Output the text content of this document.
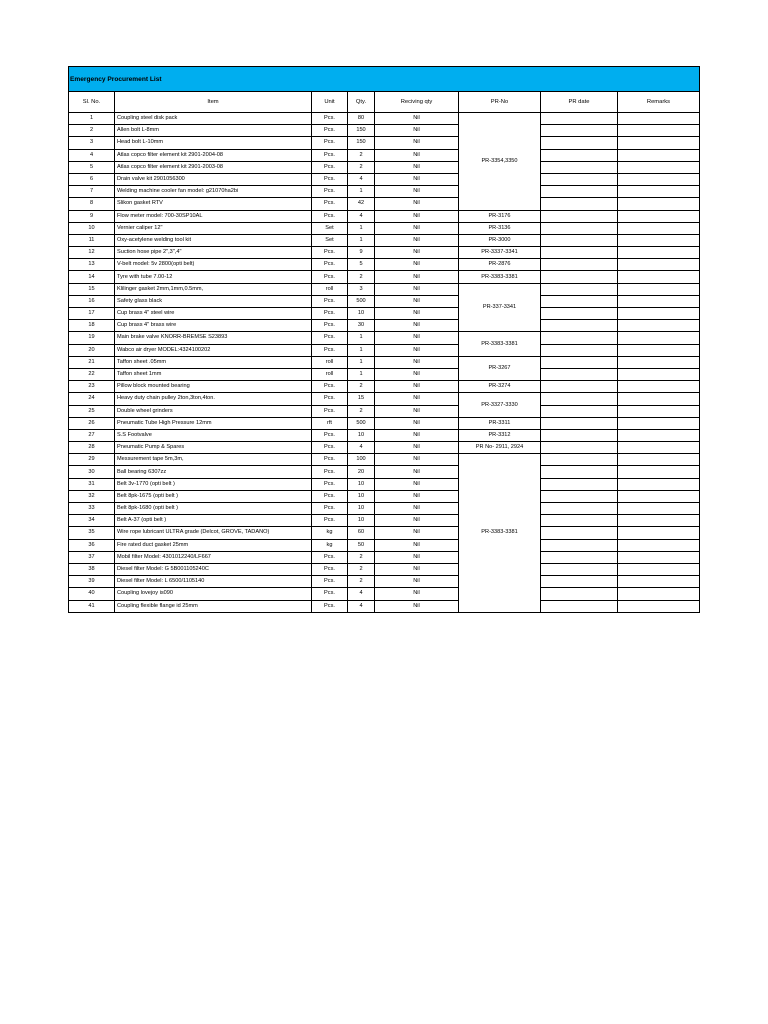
Emergency Procurement List							

Sl. No.	Item	Unit	Qty.	Reciving qty	PR-No	PR date	Remarks
1	Coupling steel disk pack	Pcs.	80	Nil	PR-3354,3350		
2	Allen bolt L-8mm	Pcs.	150	Nil			
3	Head bolt L-10mm	Pcs.	150	Nil			
4	Atlas copco filter element kit 2901-2004-08	Pcs.	2	Nil			
5	Atlas copco filter element kit 2901-2003-08	Pcs.	2	Nil			
6	Drain valve kit 2901056300	Pcs.	4	Nil			
7	Welding machine cooler fan model: g21070ha2bi	Pcs.	1	Nil			
8	Slikon gasket RTV	Pcs.	42	Nil			
9	Flow meter model: 700-30SP10AL	Pcs.	4	Nil	PR-3176		
10	Vernier caliper 12"	Set	1	Nil	PR-3136		
11	Oxy-acetylene welding tool kit	Set	1	Nil	PR-3000		
12	Suction hose pipe 2",3",4"	Pcs.	9	Nil	PR-3337-3341		
13	V-belt model: 5v 2800(opti belt)	Pcs.	5	Nil	PR-2876		
14	Tyre with tube 7.00-12	Pcs.	2	Nil	PR-3383-3381		
15	Klilinger gasket 2mm,1mm,0.5mm,	roll	3	Nil	PR-337-3341		
16	Safety glass black	Pcs.	500	Nil			
17	Cup brass 4" steel wire	Pcs.	10	Nil			
18	Cup brass 4" brass wire	Pcs.	30	Nil			
19	Main brake valve KNORR-BREMSE S23893	Pcs.	1	Nil	PR-3383-3381		
20	Wabco air dryer MODEL:4324100202	Pcs.	1	Nil			
21	Taffon sheet .05mm	roll	1	Nil	PR-3267		
22	Taffon sheet 1mm	roll	1	Nil			
23	Pillow block mounted bearing	Pcs.	2	Nil	PR-3274		
24	Heavy duty chain pulley 2ton,3ton,4ton.	Pcs.	15	Nil	PR-3327-3330		
25	Double wheel grinders	Pcs.	2	Nil			
26	Pneumatic Tube High Pressure 12mm	rft	500	Nil	PR-3311		
27	S.S Footvalve	Pcs.	10	Nil	PR-3312		
28	Pneumatic Pump & Spares	Pcs.	4	Nil	PR No- 2911, 2924		
29	Messurement tape 5m,3m,	Pcs.	100	Nil	PR-3383-3381		
30	Ball bearing 6307zz	Pcs.	20	Nil			
31	Belt 3v-1770 (opti belt )	Pcs.	10	Nil			
32	Belt 8pk-1675 (opti belt )	Pcs.	10	Nil			
33	Belt 8pk-1680 (opti belt )	Pcs.	10	Nil			
34	Belt A-37 (opti belt )	Pcs.	10	Nil			
35	Wire rope lubricant ULTRA grade (Delcot, GROVE, TADANO)	kg	60	Nil			
36	Fire rated duct gasket 25mm	kg	50	Nil			
37	Mobil filter Model: 4301012240/LF667	Pcs.	2	Nil			
38	Diesel filter Model: G 5B001105240C	Pcs.	2	Nil			
39	Diesel filter Model: L 6500/1105140	Pcs.	2	Nil			
40	Coupling lovejoy is090	Pcs.	4	Nil			
41	Coupling flexible flange id 25mm	Pcs.	4	Nil			
